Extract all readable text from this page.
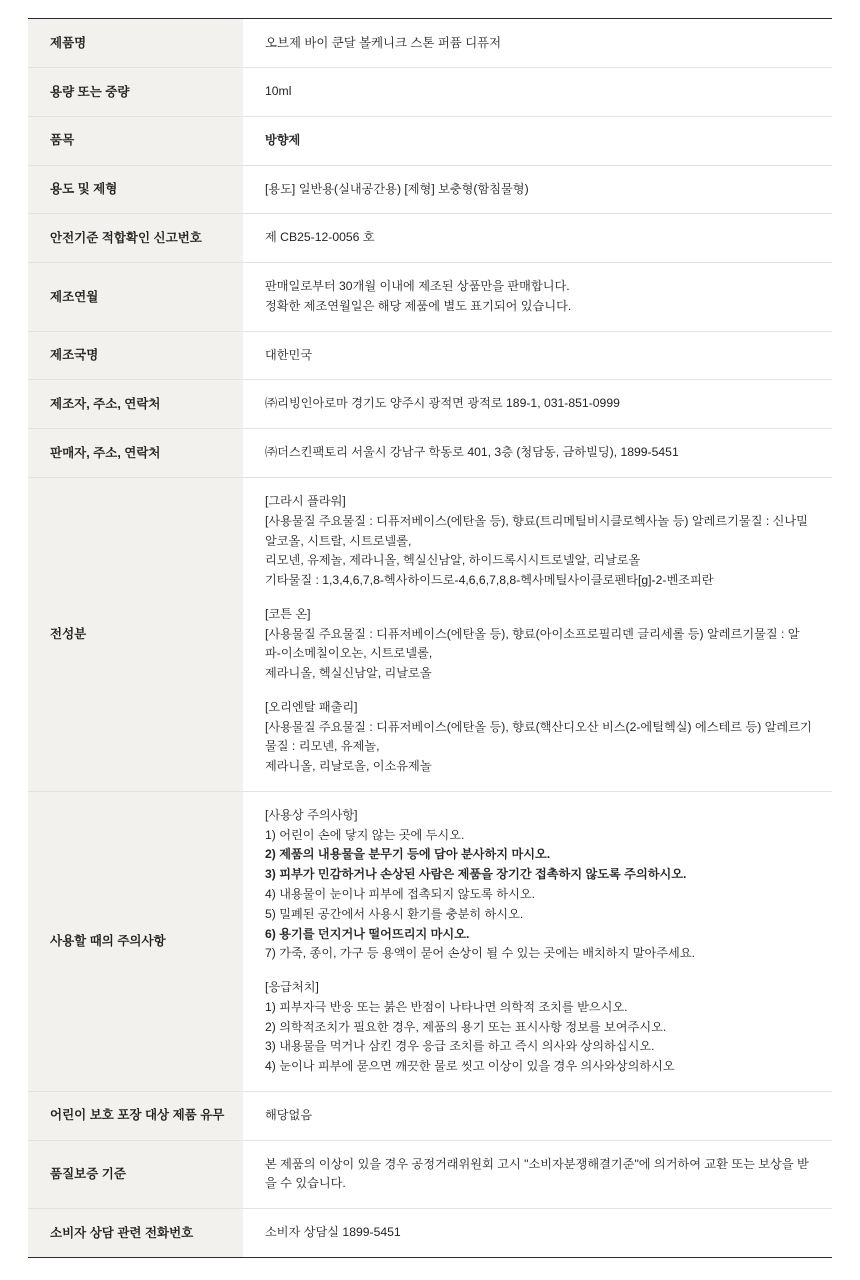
제품명	오브제 바이 쿤달 볼케니크 스톤 퍼퓸 디퓨저

용량 또는 중량	10ml

품목	방향제

용도 및 제형	[용도] 일반용(실내공간용) [제형] 보충형(함침물형)

안전기준 적합확인 신고번호	제 CB25-12-0056 호

제조연월	판매일로부터 30개월 이내에 제조된 상품만을 판매합니다.
정확한 제조연월일은 해당 제품에 별도 표기되어 있습니다.

제조국명	대한민국

제조자, 주소, 연락처	㈜리빙인아로마 경기도 양주시 광적면 광적로 189-1, 031-851-0999

판매자, 주소, 연락처	㈜더스킨팩토리 서울시 강남구 학동로 401, 3층 (청담동, 금하빌딩), 1899-5451

전성분	
[그라시 플라워]
[사용물질 주요물질 : 디퓨저베이스(에탄올 등), 향료(트리메틸비시클로헥사놀 등) 알레르기물질 : 신나밀알코올, 시트랄, 시트로넬롤,
리모넨, 유제놀, 제라니올, 헥실신남알, 하이드록시시트로넬알, 리날로올
기타물질 : 1,3,4,6,7,8-헥사하이드로-4,6,6,7,8,8-헥사메틸사이클로펜타[g]-2-벤조피란
[코튼 온]
[사용물질 주요물질 : 디퓨저베이스(에탄올 등), 향료(아이소프로필리덴 글리세롤 등) 알레르기물질 : 알파-이소메칠이오논, 시트로넬롤,
제라니올, 헥실신남알, 리날로올
[오리엔탈 패출리]
[사용물질 주요물질 : 디퓨저베이스(에탄올 등), 향료(핵산디오산 비스(2-에틸헥실) 에스테르 등) 알레르기물질 : 리모넨, 유제놀,
제라니올, 리날로올, 이소유제놀

사용할 때의 주의사항	
[사용상 주의사항]
1) 어린이 손에 닿지 않는 곳에 두시오.
2) 제품의 내용물을 분무기 등에 담아 분사하지 마시오.
3) 피부가 민감하거나 손상된 사람은 제품을 장기간 접촉하지 않도록 주의하시오.
4) 내용물이 눈이나 피부에 접촉되지 않도록 하시오.
5) 밀폐된 공간에서 사용시 환기를 충분히 하시오.
6) 용기를 던지거나 떨어뜨리지 마시오.
7) 가죽, 종이, 가구 등 용액이 묻어 손상이 될 수 있는 곳에는 배치하지 말아주세요.
[응급처치]
1) 피부자극 반응 또는 붉은 반점이 나타나면 의학적 조치를 받으시오.
2) 의학적조치가 필요한 경우, 제품의 용기 또는 표시사항 정보를 보여주시오.
3) 내용물을 먹거나 삼킨 경우 응급 조치를 하고 즉시 의사와 상의하십시오.
4) 눈이나 피부에 묻으면 깨끗한 물로 씻고 이상이 있을 경우 의사와상의하시오

어린이 보호 포장 대상 제품 유무	해당없음

품질보증 기준	본 제품의 이상이 있을 경우 공정거래위원회 고시 "소비자분쟁해결기준"에 의거하여 교환 또는 보상을 받을 수 있습니다.

소비자 상담 관련 전화번호	소비자 상담실 1899-5451
